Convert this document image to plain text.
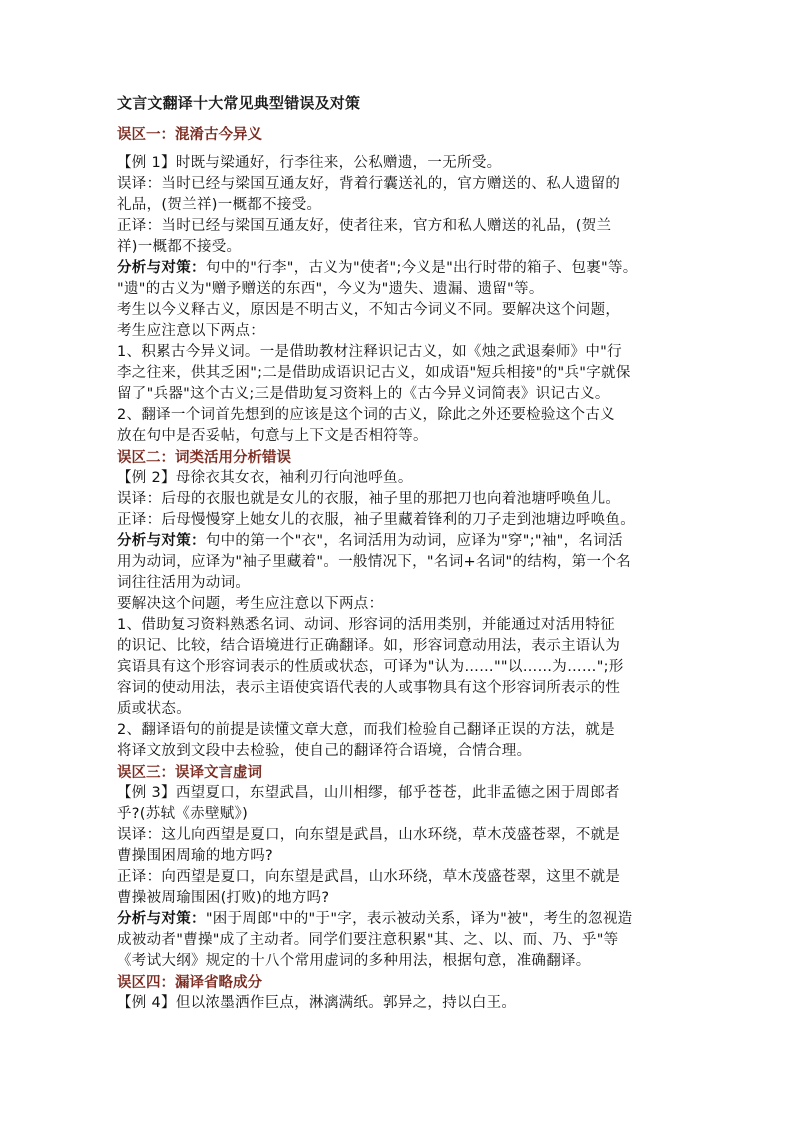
文言文翻译十大常见典型错误及对策
误区一：混淆古今异义

【例 1】时既与梁通好，行李往来，公私赠遗，一无所受。

误译：当时已经与梁国互通友好，背着行囊送礼的，官方赠送的、私人遗留的

礼品，(贺兰祥)一概都不接受。

正译：当时已经与梁国互通友好，使者往来，官方和私人赠送的礼品，(贺兰

祥)一概都不接受。

分析与对策：句中的"行李"，古义为"使者";今义是"出行时带的箱子、包裹"等。

"遗"的古义为"赠予赠送的东西"，今义为"遗失、遗漏、遗留"等。

考生以今义释古义，原因是不明古义，不知古今词义不同。要解决这个问题，

考生应注意以下两点：

1、积累古今异义词。一是借助教材注释识记古义，如《烛之武退秦师》中"行

李之往来，供其乏困";二是借助成语识记古义，如成语"短兵相接"的"兵"字就保

留了"兵器"这个古义;三是借助复习资料上的《古今异义词简表》识记古义。

2、翻译一个词首先想到的应该是这个词的古义，除此之外还要检验这个古义

放在句中是否妥帖，句意与上下文是否相符等。

误区二：词类活用分析错误

【例 2】母徐衣其女衣，袖利刃行向池呼鱼。

误译：后母的衣服也就是女儿的衣服，袖子里的那把刀也向着池塘呼唤鱼儿。

正译：后母慢慢穿上她女儿的衣服，袖子里藏着锋利的刀子走到池塘边呼唤鱼。

分析与对策：句中的第一个"衣"，名词活用为动词，应译为"穿";"袖"，名词活

用为动词，应译为"袖子里藏着"。一般情况下，"名词+名词"的结构，第一个名

词往往活用为动词。

要解决这个问题，考生应注意以下两点：

1、借助复习资料熟悉名词、动词、形容词的活用类别，并能通过对活用特征

的识记、比较，结合语境进行正确翻译。如，形容词意动用法，表示主语认为

宾语具有这个形容词表示的性质或状态，可译为"认为……""以……为……";形

容词的使动用法，表示主语使宾语代表的人或事物具有这个形容词所表示的性

质或状态。

2、翻译语句的前提是读懂文章大意，而我们检验自己翻译正误的方法，就是

将译文放到文段中去检验，使自己的翻译符合语境，合情合理。

误区三：误译文言虚词

【例 3】西望夏口，东望武昌，山川相缪，郁乎苍苍，此非孟德之困于周郎者

乎?(苏轼《赤壁赋》)

误译：这儿向西望是夏口，向东望是武昌，山水环绕，草木茂盛苍翠，不就是

曹操围困周瑜的地方吗?

正译：向西望是夏口，向东望是武昌，山水环绕，草木茂盛苍翠，这里不就是

曹操被周瑜围困(打败)的地方吗?

分析与对策："困于周郎"中的"于"字，表示被动关系，译为"被"，考生的忽视造

成被动者"曹操"成了主动者。同学们要注意积累"其、之、以、而、乃、乎"等

《考试大纲》规定的十八个常用虚词的多种用法，根据句意，准确翻译。

误区四：漏译省略成分

【例 4】但以浓墨洒作巨点，淋漓满纸。郭异之，持以白王。
